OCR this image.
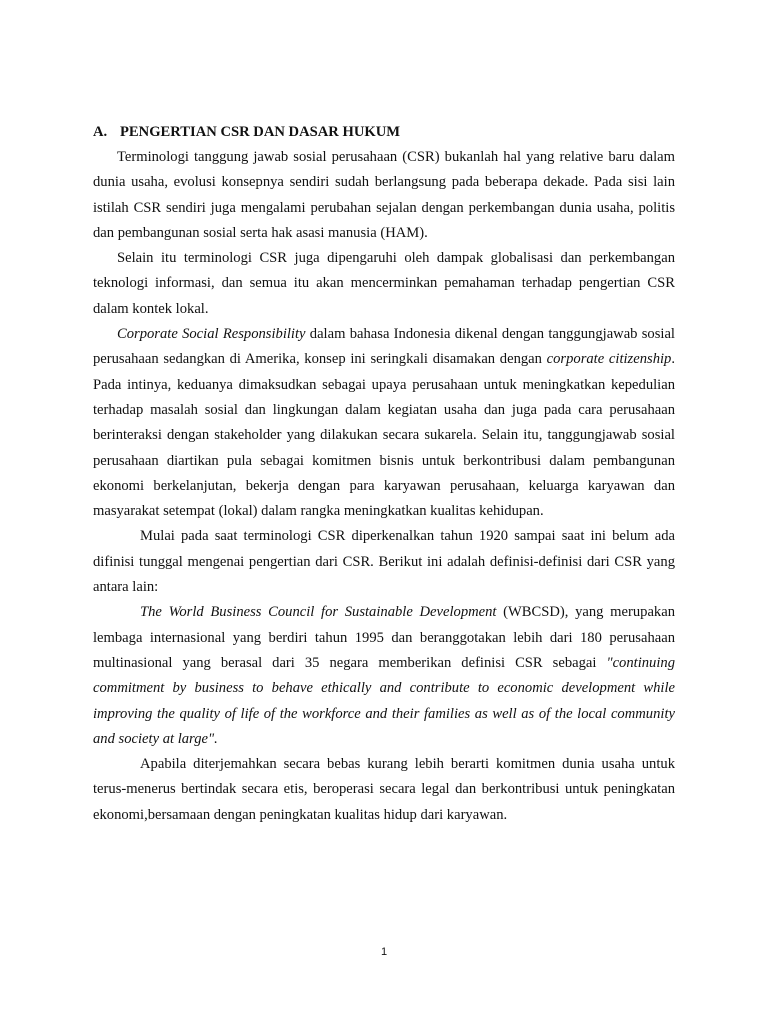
A. PENGERTIAN CSR DAN DASAR HUKUM

Terminologi tanggung jawab sosial perusahaan (CSR) bukanlah hal yang relative baru dalam dunia usaha, evolusi konsepnya sendiri sudah berlangsung pada beberapa dekade. Pada sisi lain istilah CSR sendiri juga mengalami perubahan sejalan dengan perkembangan dunia usaha, politis dan pembangunan sosial serta hak asasi manusia (HAM).

Selain itu terminologi CSR juga dipengaruhi oleh dampak globalisasi dan perkembangan teknologi informasi, dan semua itu akan mencerminkan pemahaman terhadap pengertian CSR dalam kontek lokal.

Corporate Social Responsibility dalam bahasa Indonesia dikenal dengan tanggungjawab sosial perusahaan sedangkan di Amerika, konsep ini seringkali disamakan dengan corporate citizenship. Pada intinya, keduanya dimaksudkan sebagai upaya perusahaan untuk meningkatkan kepedulian terhadap masalah sosial dan lingkungan dalam kegiatan usaha dan juga pada cara perusahaan berinteraksi dengan stakeholder yang dilakukan secara sukarela. Selain itu, tanggungjawab sosial perusahaan diartikan pula sebagai komitmen bisnis untuk berkontribusi dalam pembangunan ekonomi berkelanjutan, bekerja dengan para karyawan perusahaan, keluarga karyawan dan masyarakat setempat (lokal) dalam rangka meningkatkan kualitas kehidupan.

Mulai pada saat terminologi CSR diperkenalkan tahun 1920 sampai saat ini belum ada difinisi tunggal mengenai pengertian dari CSR. Berikut ini adalah definisi-definisi dari CSR yang antara lain:

The World Business Council for Sustainable Development (WBCSD), yang merupakan lembaga internasional yang berdiri tahun 1995 dan beranggotakan lebih dari 180 perusahaan multinasional yang berasal dari 35 negara memberikan definisi CSR sebagai "continuing commitment by business to behave ethically and contribute to economic development while improving the quality of life of the workforce and their families as well as of the local community and society at large".

Apabila diterjemahkan secara bebas kurang lebih berarti komitmen dunia usaha untuk terus-menerus bertindak secara etis, beroperasi secara legal dan berkontribusi untuk peningkatan ekonomi,bersamaan dengan peningkatan kualitas hidup dari karyawan.

1
